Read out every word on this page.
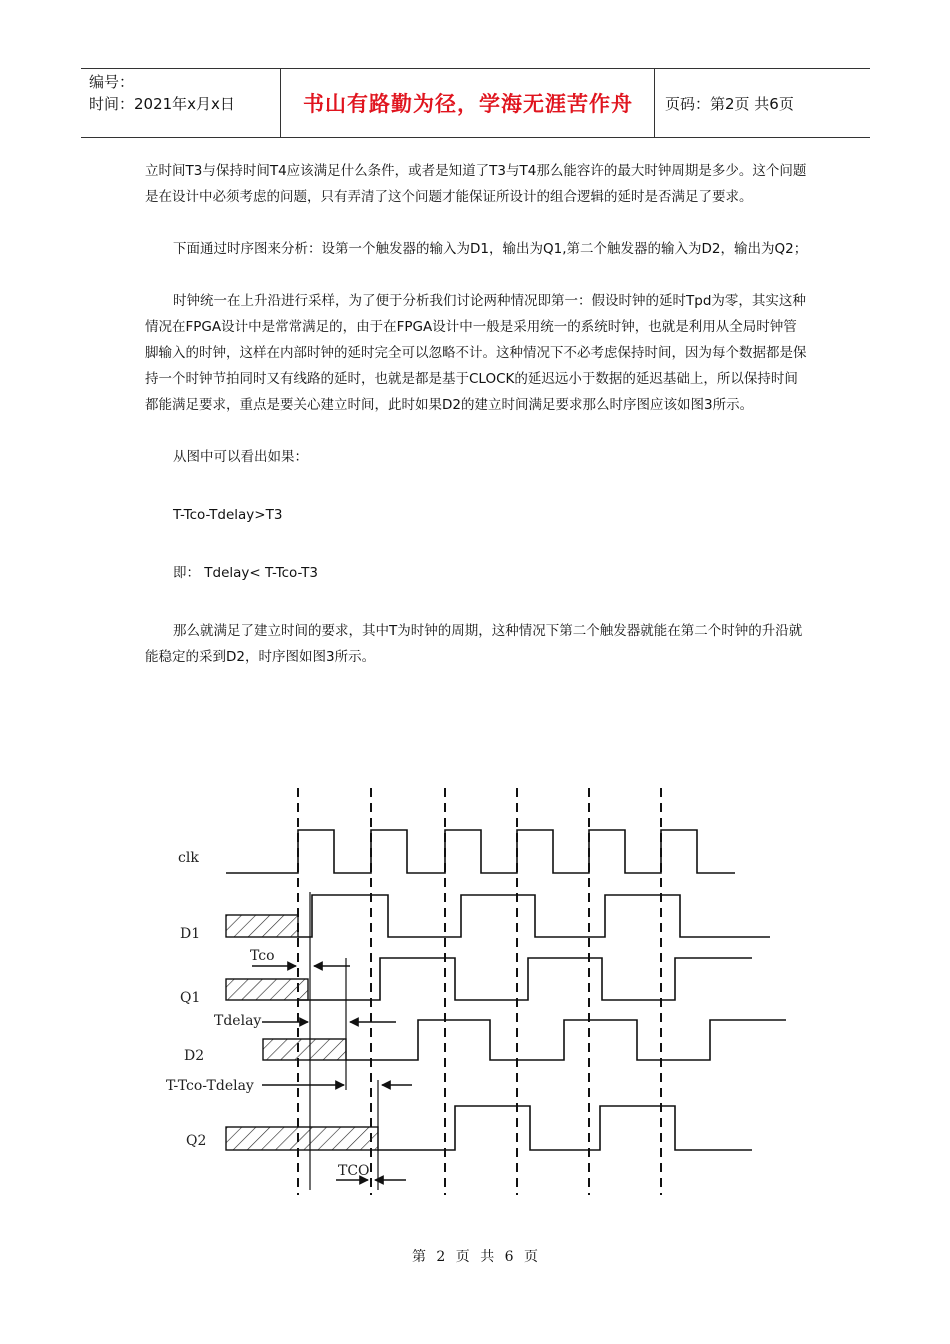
编号：
时间：2021年x月x日	书山有路勤为径，学海无涯苦作舟	页码：第2页 共6页

立时间T3与保持时间T4应该满足什么条件，或者是知道了T3与T4那么能容许的最大时钟周期是多少。这个问题是在设计中必须考虑的问题，只有弄清了这个问题才能保证所设计的组合逻辑的延时是否满足了要求。

下面通过时序图来分析：设第一个触发器的输入为D1，输出为Q1,第二个触发器的输入为D2，输出为Q2；

时钟统一在上升沿进行采样，为了便于分析我们讨论两种情况即第一：假设时钟的延时Tpd为零，其实这种情况在FPGA设计中是常常满足的，由于在FPGA设计中一般是采用统一的系统时钟，也就是利用从全局时钟管脚输入的时钟，这样在内部时钟的延时完全可以忽略不计。这种情况下不必考虑保持时间，因为每个数据都是保持一个时钟节拍同时又有线路的延时，也就是都是基于CLOCK的延迟远小于数据的延迟基础上，所以保持时间都能满足要求，重点是要关心建立时间，此时如果D2的建立时间满足要求那么时序图应该如图3所示。

从图中可以看出如果：

T-Tco-Tdelay>T3

即： Tdelay< T-Tco-T3

那么就满足了建立时间的要求，其中T为时钟的周期，这种情况下第二个触发器就能在第二个时钟的升沿就能稳定的采到D2，时序图如图3所示。

clk
D1
Q1
D2
Q2
Tco
Tdelay
T-Tco-Tdelay
TCO
第 2 页 共 6 页
